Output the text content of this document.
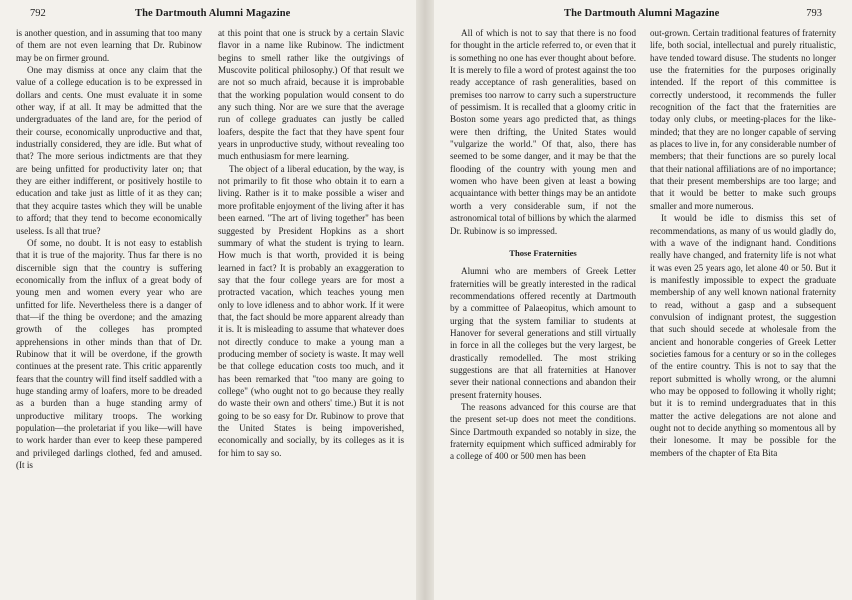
792	The Dartmouth Alumni Magazine

is another question, and in assuming that too many of them are not even learning that Dr. Rubinow may be on firmer ground.

One may dismiss at once any claim that the value of a college education is to be expressed in dollars and cents. One must evaluate it in some other way, if at all. It may be admitted that the undergraduates of the land are, for the period of their course, economically unproductive and that, industrially considered, they are idle. But what of that? The more serious indictments are that they are being unfitted for productivity later on; that they are either indifferent, or positively hostile to education and take just as little of it as they can; that they acquire tastes which they will be unable to afford; that they tend to become economically useless. Is all that true?

Of some, no doubt. It is not easy to establish that it is true of the majority. Thus far there is no discernible sign that the country is suffering economically from the influx of a great body of young men and women every year who are unfitted for life. Nevertheless there is a danger of that—if the thing be overdone; and the amazing growth of the colleges has prompted apprehensions in other minds than that of Dr. Rubinow that it will be overdone, if the growth continues at the present rate. This critic apparently fears that the country will find itself saddled with a huge standing army of loafers, more to be dreaded as a burden than a huge standing army of unproductive military troops. The working population—the proletariat if you like—will have to work harder than ever to keep these pampered and privileged darlings clothed, fed and amused. (It is

at this point that one is struck by a certain Slavic flavor in a name like Rubinow. The indictment begins to smell rather like the outgivings of Muscovite political philosophy.) Of that result we are not so much afraid, because it is improbable that the working population would consent to do any such thing. Nor are we sure that the average run of college graduates can justly be called loafers, despite the fact that they have spent four years in unproductive study, without revealing too much enthusiasm for mere learning.

The object of a liberal education, by the way, is not primarily to fit those who obtain it to earn a living. Rather is it to make possible a wiser and more profitable enjoyment of the living after it has been earned. "The art of living together" has been suggested by President Hopkins as a short summary of what the student is trying to learn. How much is that worth, provided it is being learned in fact? It is probably an exaggeration to say that the four college years are for most a protracted vacation, which teaches young men only to love idleness and to abhor work. If it were that, the fact should be more apparent already than it is. It is misleading to assume that whatever does not directly conduce to make a young man a producing member of society is waste. It may well be that college education costs too much, and it has been remarked that "too many are going to college" (who ought not to go because they really do waste their own and others' time.) But it is not going to be so easy for Dr. Rubinow to prove that the United States is being impoverished, economically and socially, by its colleges as it is for him to say so.

The Dartmouth Alumni Magazine	793

All of which is not to say that there is no food for thought in the article referred to, or even that it is something no one has ever thought about before. It is merely to file a word of protest against the too ready acceptance of rash generalities, based on premises too narrow to carry such a superstructure of pessimism. It is recalled that a gloomy critic in Boston some years ago predicted that, as things were then drifting, the United States would "vulgarize the world." Of that, also, there has seemed to be some danger, and it may be that the flooding of the country with young men and women who have been given at least a bowing acquaintance with better things may be an antidote worth a very considerable sum, if not the astronomical total of billions by which the alarmed Dr. Rubinow is so impressed.

Those Fraternities

Alumni who are members of Greek Letter fraternities will be greatly interested in the radical recommendations offered recently at Dartmouth by a committee of Palaeopitus, which amount to urging that the system familiar to students at Hanover for several generations and still virtually in force in all the colleges but the very largest, be drastically remodelled. The most striking suggestions are that all fraternities at Hanover sever their national connections and abandon their present fraternity houses.

The reasons advanced for this course are that the present set-up does not meet the conditions. Since Dartmouth expanded so notably in size, the fraternity equipment which sufficed admirably for a college of 400 or 500 men has been

out-grown. Certain traditional features of fraternity life, both social, intellectual and purely ritualistic, have tended toward disuse. The students no longer use the fraternities for the purposes originally intended. If the report of this committee is correctly understood, it recommends the fuller recognition of the fact that the fraternities are today only clubs, or meeting-places for the like-minded; that they are no longer capable of serving as places to live in, for any considerable number of members; that their functions are so purely local that their national affiliations are of no importance; that their present memberships are too large; and that it would be better to make such groups smaller and more numerous.

It would be idle to dismiss this set of recommendations, as many of us would gladly do, with a wave of the indignant hand. Conditions really have changed, and fraternity life is not what it was even 25 years ago, let alone 40 or 50. But it is manifestly impossible to expect the graduate membership of any well known national fraternity to read, without a gasp and a subsequent convulsion of indignant protest, the suggestion that such should secede at wholesale from the ancient and honorable congeries of Greek Letter societies famous for a century or so in the colleges of the entire country. This is not to say that the report submitted is wholly wrong, or the alumni who may be opposed to following it wholly right; but it is to remind undergraduates that in this matter the active delegations are not alone and ought not to decide anything so momentous all by their lonesome. It may be possible for the members of the chapter of Eta Bita
